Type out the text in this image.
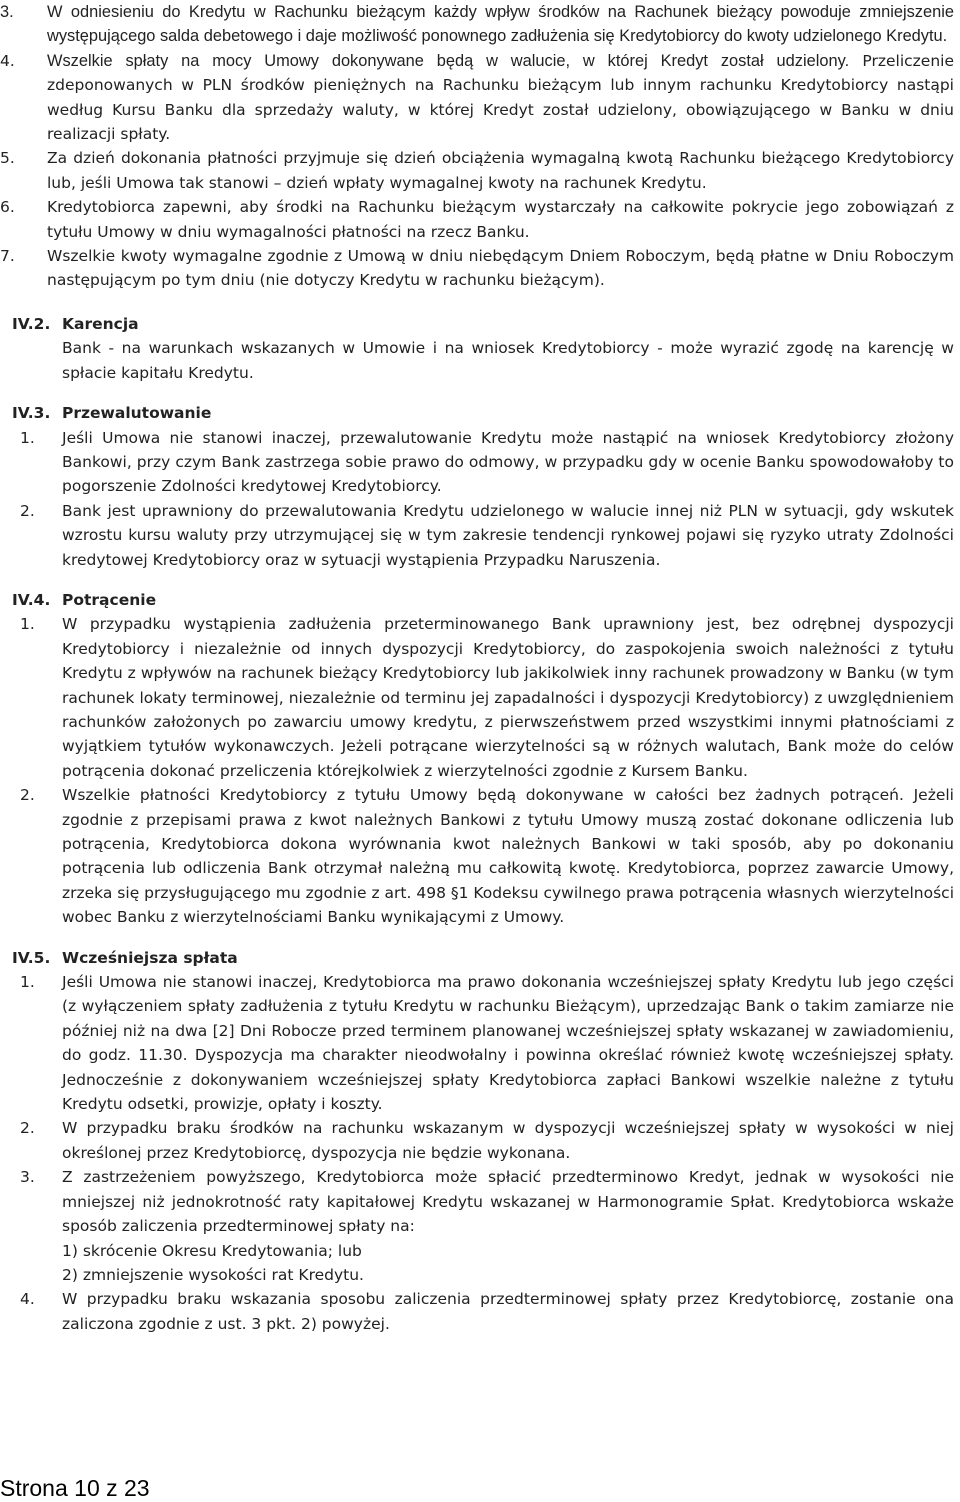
3. W odniesieniu do Kredytu w Rachunku bieżącym każdy wpływ środków na Rachunek bieżący powoduje zmniejszenie występującego salda debetowego i daje możliwość ponownego zadłużenia się Kredytobiorcy do kwoty udzielonego Kredytu.
4. Wszelkie spłaty na mocy Umowy dokonywane będą w walucie, w której Kredyt został udzielony. Przeliczenie zdeponowanych w PLN środków pieniężnych na Rachunku bieżącym lub innym rachunku Kredytobiorcy nastąpi według Kursu Banku dla sprzedaży waluty, w której Kredyt został udzielony, obowiązującego w Banku w dniu realizacji spłaty.
5. Za dzień dokonania płatności przyjmuje się dzień obciążenia wymagalną kwotą Rachunku bieżącego Kredytobiorcy lub, jeśli Umowa tak stanowi – dzień wpłaty wymagalnej kwoty na rachunek Kredytu.
6. Kredytobiorca zapewni, aby środki na Rachunku bieżącym wystarczały na całkowite pokrycie jego zobowiązań z tytułu Umowy w dniu wymagalności płatności na rzecz Banku.
7. Wszelkie kwoty wymagalne zgodnie z Umową w dniu niebędącym Dniem Roboczym, będą płatne w Dniu Roboczym następującym po tym dniu (nie dotyczy Kredytu w rachunku bieżącym).
IV.2. Karencja
Bank - na warunkach wskazanych w Umowie i na wniosek Kredytobiorcy - może wyrazić zgodę na karencję w spłacie kapitału Kredytu.
IV.3. Przewalutowanie
1. Jeśli Umowa nie stanowi inaczej, przewalutowanie Kredytu może nastąpić na wniosek Kredytobiorcy złożony Bankowi, przy czym Bank zastrzega sobie prawo do odmowy, w przypadku gdy w ocenie Banku spowodowałoby to pogorszenie Zdolności kredytowej Kredytobiorcy.
2. Bank jest uprawniony do przewalutowania Kredytu udzielonego w walucie innej niż PLN w sytuacji, gdy wskutek wzrostu kursu waluty przy utrzymującej się w tym zakresie tendencji rynkowej pojawi się ryzyko utraty Zdolności kredytowej Kredytobiorcy oraz w sytuacji wystąpienia Przypadku Naruszenia.
IV.4. Potrącenie
1. W przypadku wystąpienia zadłużenia przeterminowanego Bank uprawniony jest, bez odrębnej dyspozycji Kredytobiorcy i niezależnie od innych dyspozycji Kredytobiorcy, do zaspokojenia swoich należności z tytułu Kredytu z wpływów na rachunek bieżący Kredytobiorcy lub jakikolwiek inny rachunek prowadzony w Banku (w tym rachunek lokaty terminowej, niezależnie od terminu jej zapadalności i dyspozycji Kredytobiorcy) z uwzględnieniem rachunków założonych po zawarciu umowy kredytu, z pierwszeństwem przed wszystkimi innymi płatnościami z wyjątkiem tytułów wykonawczych. Jeżeli potrącane wierzytelności są w różnych walutach, Bank może do celów potrącenia dokonać przeliczenia którejkolwiek z wierzytelności zgodnie z Kursem Banku.
2. Wszelkie płatności Kredytobiorcy z tytułu Umowy będą dokonywane w całości bez żadnych potrąceń. Jeżeli zgodnie z przepisami prawa z kwot należnych Bankowi z tytułu Umowy muszą zostać dokonane odliczenia lub potrącenia, Kredytobiorca dokona wyrównania kwot należnych Bankowi w taki sposób, aby po dokonaniu potrącenia lub odliczenia Bank otrzymał należną mu całkowitą kwotę. Kredytobiorca, poprzez zawarcie Umowy, zrzeka się przysługującego mu zgodnie z art. 498 §1 Kodeksu cywilnego prawa potrącenia własnych wierzytelności wobec Banku z wierzytelnościami Banku wynikającymi z Umowy.
IV.5. Wcześniejsza spłata
1. Jeśli Umowa nie stanowi inaczej, Kredytobiorca ma prawo dokonania wcześniejszej spłaty Kredytu lub jego części (z wyłączeniem spłaty zadłużenia z tytułu Kredytu w rachunku Bieżącym), uprzedzając Bank o takim zamiarze nie później niż na dwa [2] Dni Robocze przed terminem planowanej wcześniejszej spłaty wskazanej w zawiadomieniu, do godz. 11.30. Dyspozycja ma charakter nieodwołalny i powinna określać również kwotę wcześniejszej spłaty. Jednocześnie z dokonywaniem wcześniejszej spłaty Kredytobiorca zapłaci Bankowi wszelkie należne z tytułu Kredytu odsetki, prowizje, opłaty i koszty.
2. W przypadku braku środków na rachunku wskazanym w dyspozycji wcześniejszej spłaty w wysokości w niej określonej przez Kredytobiorcę, dyspozycja nie będzie wykonana.
3. Z zastrzeżeniem powyższego, Kredytobiorca może spłacić przedterminowo Kredyt, jednak w wysokości nie mniejszej niż jednokrotność raty kapitałowej Kredytu wskazanej w Harmonogramie Spłat. Kredytobiorca wskaże sposób zaliczenia przedterminowej spłaty na:
1) skrócenie Okresu Kredytowania; lub
2) zmniejszenie wysokości rat Kredytu.
4. W przypadku braku wskazania sposobu zaliczenia przedterminowej spłaty przez Kredytobiorcę, zostanie ona zaliczona zgodnie z ust. 3 pkt. 2) powyżej.
Strona 10 z 23
